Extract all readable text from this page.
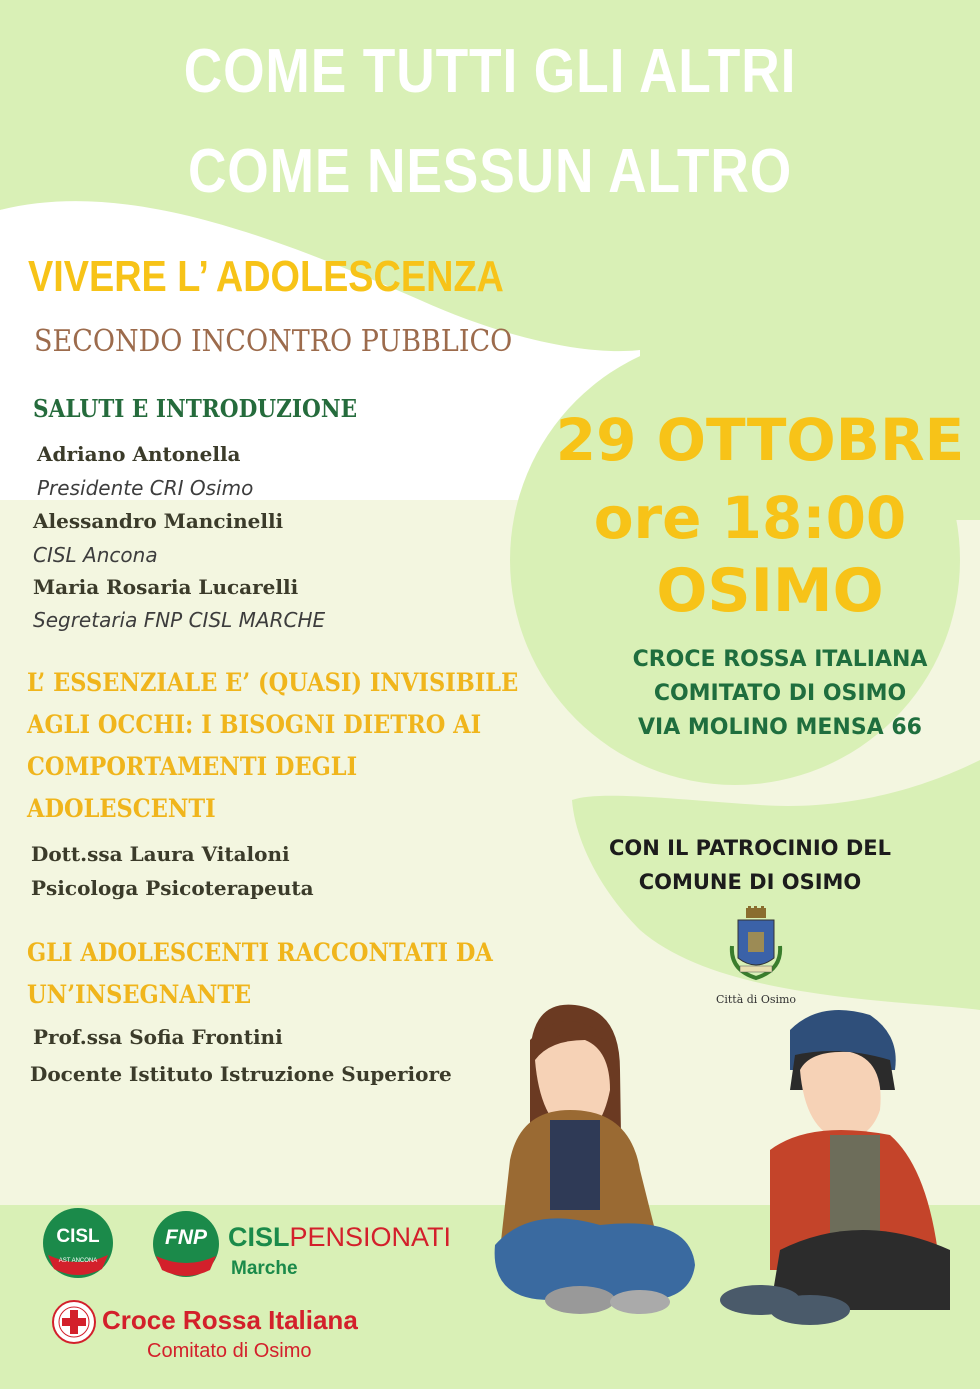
COME TUTTI GLI ALTRI
COME NESSUN ALTRO
VIVERE L’ ADOLESCENZA
SECONDO INCONTRO PUBBLICO
SALUTI E INTRODUZIONE
Adriano Antonella
Presidente CRI Osimo
Alessandro Mancinelli
CISL Ancona
Maria Rosaria Lucarelli
Segretaria FNP CISL MARCHE
L’ ESSENZIALE E’ (QUASI) INVISIBILE
AGLI OCCHI: I BISOGNI DIETRO AI
COMPORTAMENTI DEGLI
ADOLESCENTI
Dott.ssa Laura Vitaloni
Psicologa Psicoterapeuta
GLI ADOLESCENTI RACCONTATI DA
UN’INSEGNANTE
Prof.ssa Sofia Frontini
Docente Istituto Istruzione Superiore
29 OTTOBRE
ore 18:00
OSIMO
CROCE ROSSA ITALIANA
COMITATO DI OSIMO
VIA MOLINO MENSA 66
CON IL PATROCINIO DEL
COMUNE DI OSIMO
Città di Osimo
CISL
AST ANCONA
FNP CISLPENSIONATI
Marche
Croce Rossa Italiana
Comitato di Osimo
